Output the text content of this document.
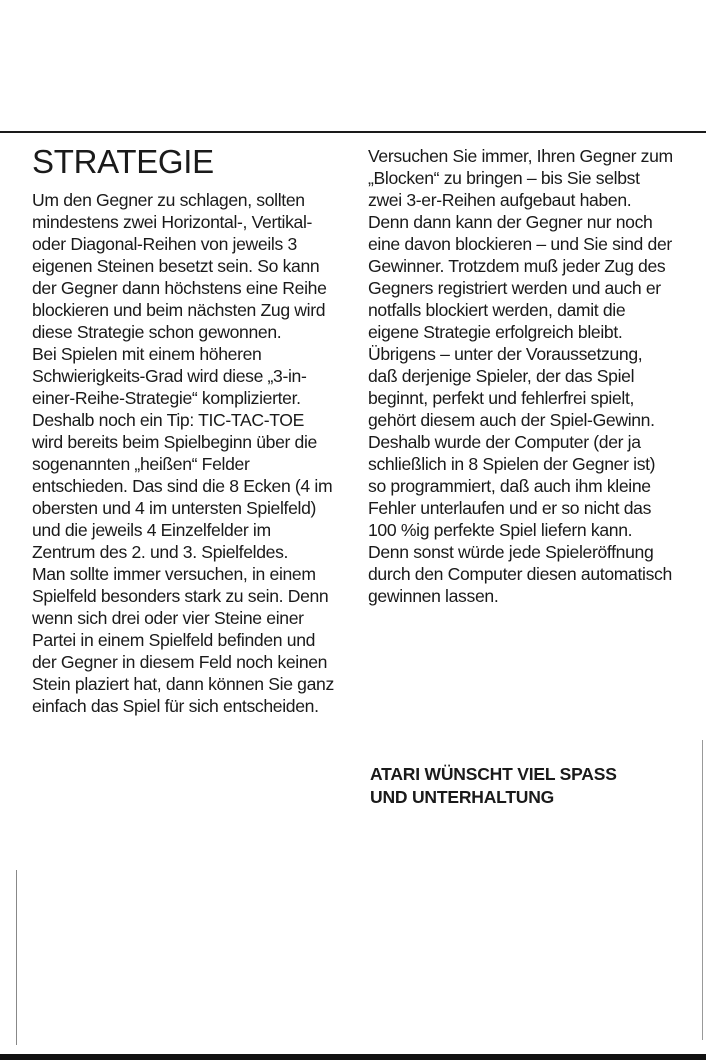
STRATEGIE

Um den Gegner zu schlagen, sollten mindestens zwei Horizontal-, Vertikal- oder Diagonal-Reihen von jeweils 3 eigenen Steinen besetzt sein. So kann der Gegner dann höchstens eine Reihe blockieren und beim nächsten Zug wird diese Strategie schon gewonnen.

Bei Spielen mit einem höheren Schwierigkeits-Grad wird diese „3-in-einer-Reihe-Strategie“ komplizierter. Deshalb noch ein Tip: TIC-TAC-TOE wird bereits beim Spielbeginn über die sogenannten „heißen“ Felder entschieden. Das sind die 8 Ecken (4 im obersten und 4 im untersten Spielfeld) und die jeweils 4 Einzelfelder im Zentrum des 2. und 3. Spielfeldes.

Man sollte immer versuchen, in einem Spielfeld besonders stark zu sein. Denn wenn sich drei oder vier Steine einer Partei in einem Spielfeld befinden und der Gegner in diesem Feld noch keinen Stein plaziert hat, dann können Sie ganz einfach das Spiel für sich entscheiden.

Versuchen Sie immer, Ihren Gegner zum „Blocken“ zu bringen – bis Sie selbst zwei 3-er-Reihen aufgebaut haben. Denn dann kann der Gegner nur noch eine davon blockieren – und Sie sind der Gewinner. Trotzdem muß jeder Zug des Gegners registriert werden und auch er notfalls blockiert werden, damit die eigene Strategie erfolgreich bleibt.

Übrigens – unter der Voraussetzung, daß derjenige Spieler, der das Spiel beginnt, perfekt und fehlerfrei spielt, gehört diesem auch der Spiel-Gewinn. Deshalb wurde der Computer (der ja schließlich in 8 Spielen der Gegner ist) so programmiert, daß auch ihm kleine Fehler unterlaufen und er so nicht das 100 %ig perfekte Spiel liefern kann. Denn sonst würde jede Spieleröffnung durch den Computer diesen automatisch gewinnen lassen.

ATARI WÜNSCHT VIEL SPASS
UND UNTERHALTUNG
